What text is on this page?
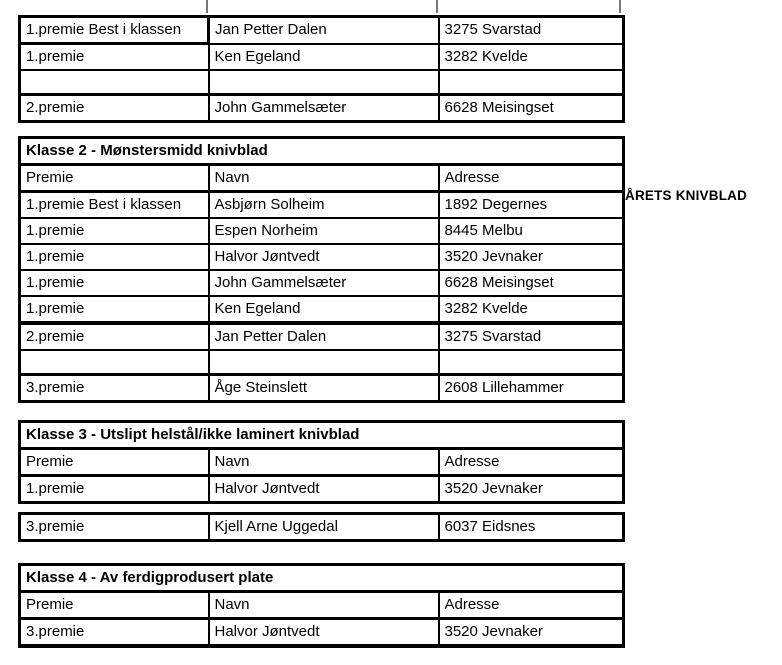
1.premie Best i klassen	Jan Petter Dalen	3275 Svarstad
1.premie	Ken Egeland	3282 Kvelde

2.premie	John Gammelsæter	6628 Meisingset
Klasse 2 - Mønstersmidd knivblad		
Premie	Navn	Adresse
1.premie Best i klassen	Asbjørn Solheim	1892 Degernes
1.premie	Espen Norheim	8445 Melbu
1.premie	Halvor Jøntvedt	3520 Jevnaker
1.premie	John Gammelsæter	6628 Meisingset
1.premie	Ken Egeland	3282 Kvelde
2.premie	Jan Petter Dalen	3275 Svarstad

3.premie	Åge Steinslett	2608 Lillehammer
Klasse 3 - Utslipt helstål/ikke laminert knivblad		
Premie	Navn	Adresse
1.premie	Halvor Jøntvedt	3520 Jevnaker
3.premie	Kjell Arne Uggedal	6037 Eidsnes
Klasse 4 - Av ferdigprodusert plate		
Premie	Navn	Adresse
3.premie	Halvor Jøntvedt	3520 Jevnaker
ÅRETS KNIVBLAD
